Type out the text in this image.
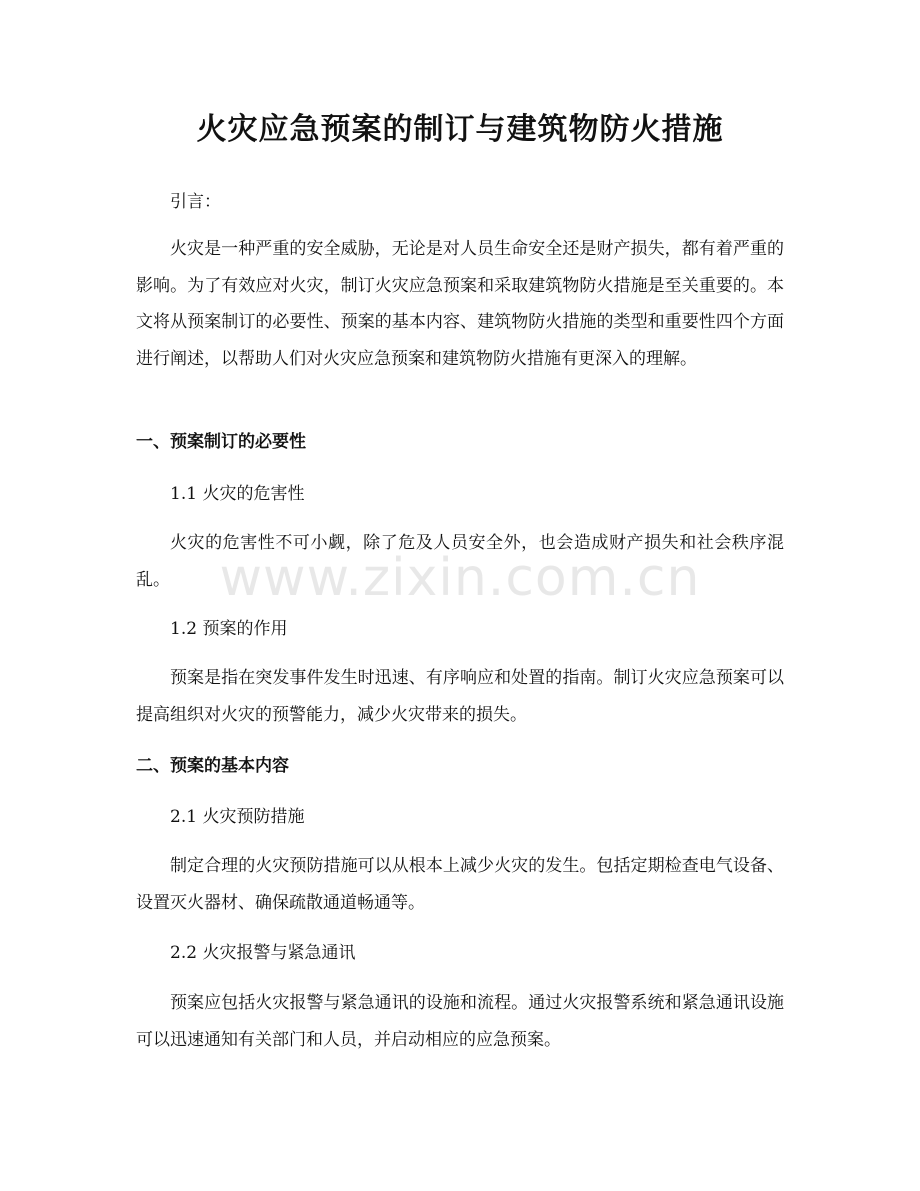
火灾应急预案的制订与建筑物防火措施

引言：

火灾是一种严重的安全威胁，无论是对人员生命安全还是财产损失，都有着严重的影响。为了有效应对火灾，制订火灾应急预案和采取建筑物防火措施是至关重要的。本文将从预案制订的必要性、预案的基本内容、建筑物防火措施的类型和重要性四个方面进行阐述，以帮助人们对火灾应急预案和建筑物防火措施有更深入的理解。

一、预案制订的必要性

1.1 火灾的危害性

火灾的危害性不可小觑，除了危及人员安全外，也会造成财产损失和社会秩序混乱。

1.2 预案的作用

预案是指在突发事件发生时迅速、有序响应和处置的指南。制订火灾应急预案可以提高组织对火灾的预警能力，减少火灾带来的损失。

二、预案的基本内容

2.1 火灾预防措施

制定合理的火灾预防措施可以从根本上减少火灾的发生。包括定期检查电气设备、设置灭火器材、确保疏散通道畅通等。

2.2 火灾报警与紧急通讯

预案应包括火灾报警与紧急通讯的设施和流程。通过火灾报警系统和紧急通讯设施可以迅速通知有关部门和人员，并启动相应的应急预案。

www.zixin.com.cn
